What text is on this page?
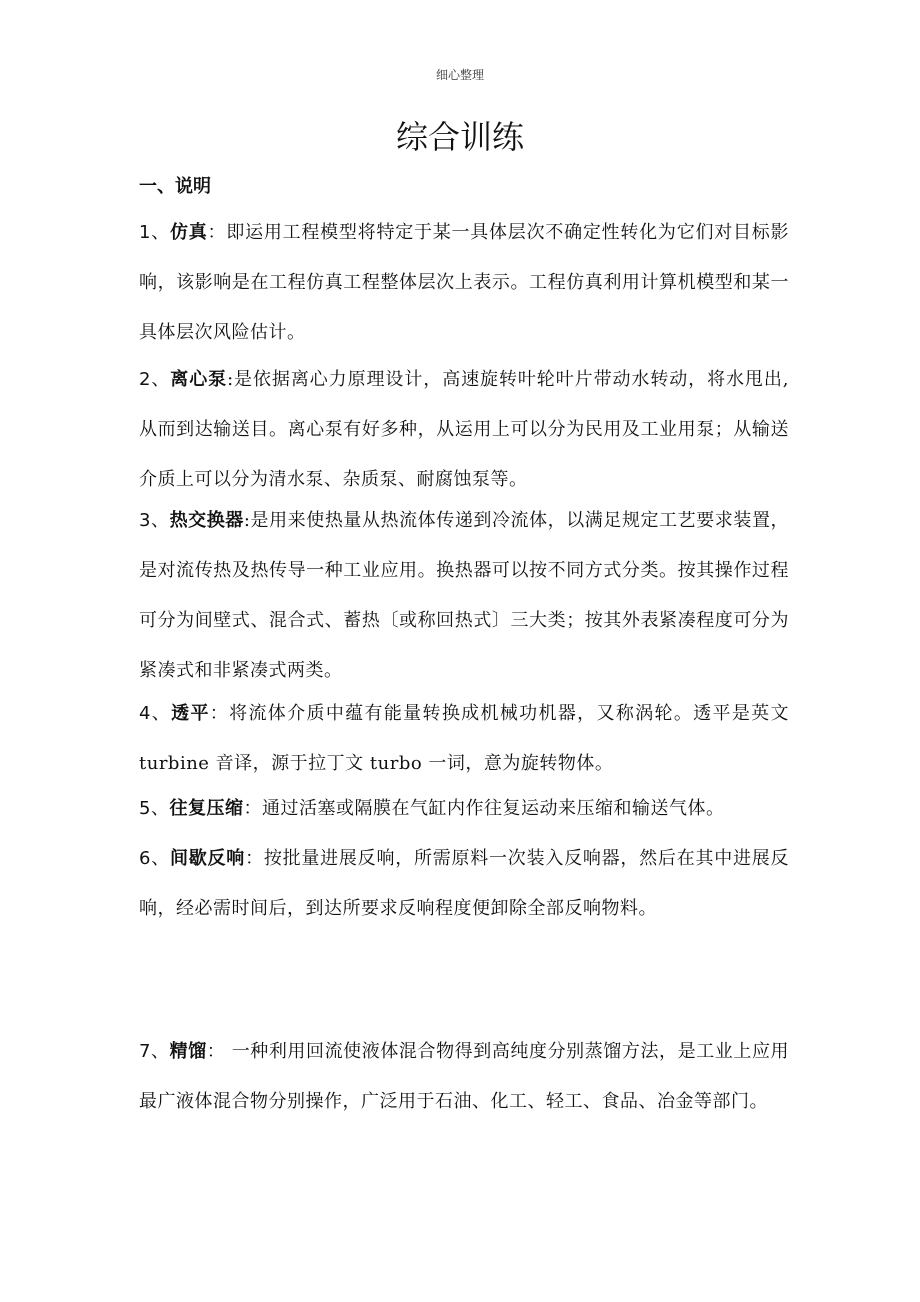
细心整理
综合训练
一、说明
1、仿真：即运用工程模型将特定于某一具体层次不确定性转化为它们对目标影响，该影响是在工程仿真工程整体层次上表示。工程仿真利用计算机模型和某一具体层次风险估计。
2、离心泵:是依据离心力原理设计，高速旋转叶轮叶片带动水转动，将水甩出,从而到达输送目。离心泵有好多种，从运用上可以分为民用及工业用泵；从输送介质上可以分为清水泵、杂质泵、耐腐蚀泵等。
3、热交换器:是用来使热量从热流体传递到冷流体，以满足规定工艺要求装置，是对流传热及热传导一种工业应用。换热器可以按不同方式分类。按其操作过程可分为间壁式、混合式、蓄热〔或称回热式〕三大类；按其外表紧凑程度可分为紧凑式和非紧凑式两类。
4、透平：将流体介质中蕴有能量转换成机械功机器，又称涡轮。透平是英文 turbine 音译，源于拉丁文 turbo 一词，意为旋转物体。
5、往复压缩：通过活塞或隔膜在气缸内作往复运动来压缩和输送气体。
6、间歇反响：按批量进展反响，所需原料一次装入反响器，然后在其中进展反响，经必需时间后，到达所要求反响程度便卸除全部反响物料。
7、精馏： 一种利用回流使液体混合物得到高纯度分别蒸馏方法，是工业上应用最广液体混合物分别操作，广泛用于石油、化工、轻工、食品、冶金等部门。
